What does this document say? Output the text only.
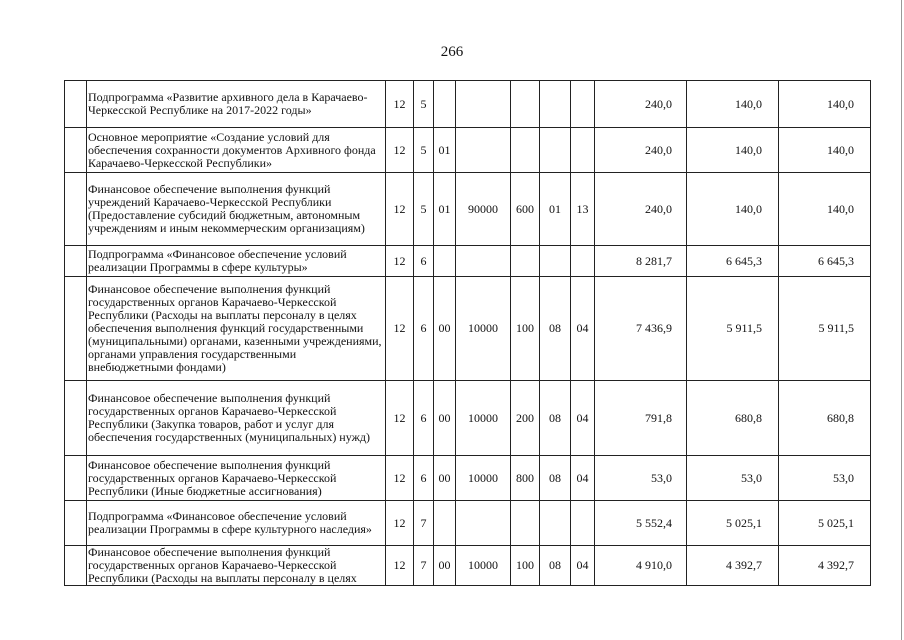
266
	Подпрограмма «Развитие архивного дела в Карачаево-Черкесской Республике на 2017-2022 годы»	12	5						240,0	140,0	140,0
	Основное мероприятие «Создание условий для обеспечения сохранности документов Архивного фонда Карачаево-Черкесской Республики»	12	5	01					240,0	140,0	140,0
	Финансовое обеспечение выполнения функций учреждений Карачаево-Черкесской Республики (Предоставление субсидий бюджетным, автономным учреждениям и иным некоммерческим организациям)	12	5	01	90000	600	01	13	240,0	140,0	140,0
	Подпрограмма «Финансовое обеспечение условий реализации Программы в сфере культуры»	12	6						8 281,7	6 645,3	6 645,3
	Финансовое обеспечение выполнения функций государственных органов Карачаево-Черкесской Республики (Расходы на выплаты персоналу в целях обеспечения выполнения функций государственными (муниципальными) органами, казенными учреждениями, органами управления государственными внебюджетными фондами)	12	6	00	10000	100	08	04	7 436,9	5 911,5	5 911,5
	Финансовое обеспечение выполнения функций государственных органов Карачаево-Черкесской Республики (Закупка товаров, работ и услуг для обеспечения государственных (муниципальных) нужд)	12	6	00	10000	200	08	04	791,8	680,8	680,8
	Финансовое обеспечение выполнения функций государственных органов Карачаево-Черкесской Республики (Иные бюджетные ассигнования)	12	6	00	10000	800	08	04	53,0	53,0	53,0
	Подпрограмма «Финансовое обеспечение условий реализации Программы в сфере культурного наследия»	12	7						5 552,4	5 025,1	5 025,1
	Финансовое обеспечение выполнения функций государственных органов Карачаево-Черкесской Республики (Расходы на выплаты персоналу в целях	12	7	00	10000	100	08	04	4 910,0	4 392,7	4 392,7
